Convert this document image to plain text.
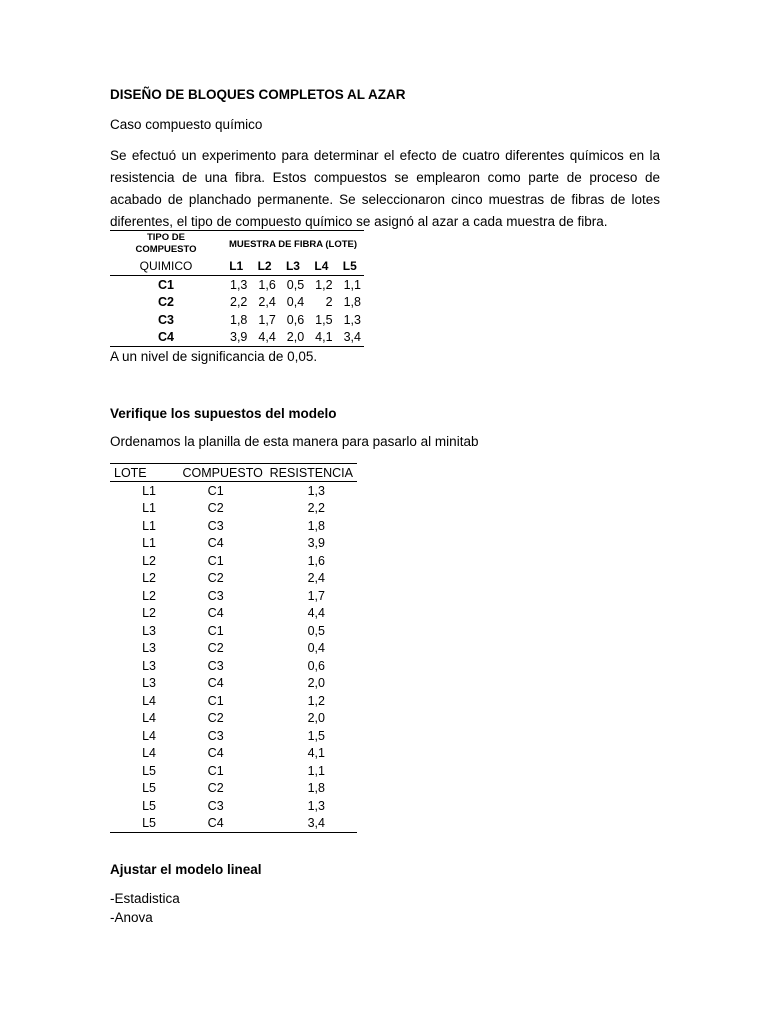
DISEÑO DE BLOQUES COMPLETOS AL AZAR
Caso compuesto químico

Se efectuó un experimento para determinar el efecto de cuatro diferentes químicos en la resistencia de una fibra. Estos compuestos se emplearon como parte de proceso de acabado de planchado permanente. Se seleccionaron cinco muestras de fibras de lotes diferentes, el tipo de compuesto químico se asignó al azar a cada muestra de fibra.

TIPO DE
COMPUESTO	MUESTRA DE FIBRA (LOTE)				
QUIMICO	L1	L2	L3	L4	L5
C1	1,3	1,6	0,5	1,2	1,1
C2	2,2	2,4	0,4	2	1,8
C3	1,8	1,7	0,6	1,5	1,3
C4	3,9	4,4	2,0	4,1	3,4
A un nivel de significancia de 0,05.
Verifique los supuestos del modelo
Ordenamos la planilla de esta manera para pasarlo al minitab
LOTE	COMPUESTO	RESISTENCIA
L1	C1	1,3
L1	C2	2,2
L1	C3	1,8
L1	C4	3,9
L2	C1	1,6
L2	C2	2,4
L2	C3	1,7
L2	C4	4,4
L3	C1	0,5
L3	C2	0,4
L3	C3	0,6
L3	C4	2,0
L4	C1	1,2
L4	C2	2,0
L4	C3	1,5
L4	C4	4,1
L5	C1	1,1
L5	C2	1,8
L5	C3	1,3
L5	C4	3,4
Ajustar el modelo lineal
-Estadistica
-Anova
